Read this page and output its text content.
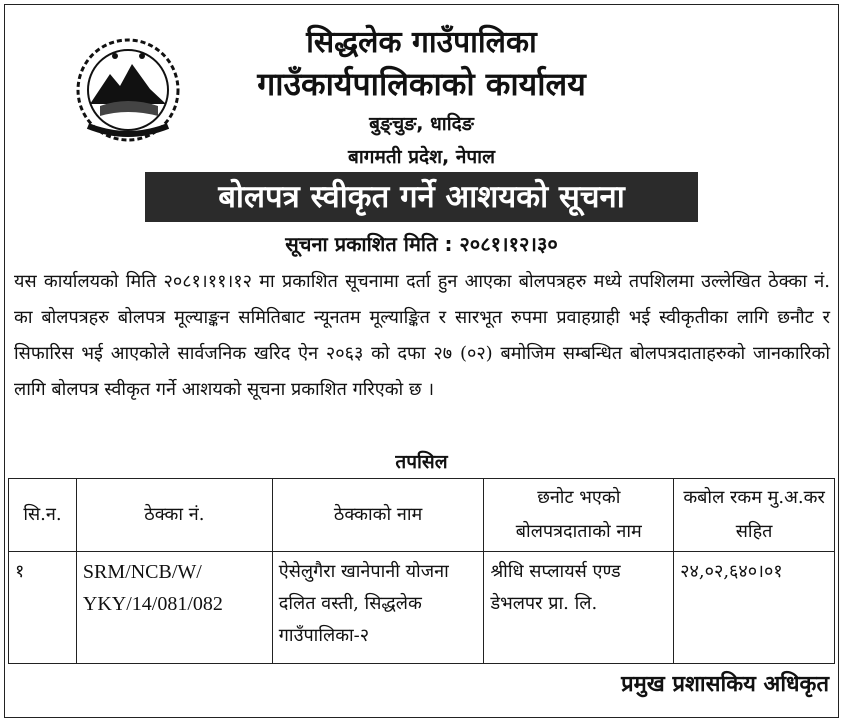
सिद्धलेक गाउँपालिका
गाउँकार्यपालिकाको कार्यालय
बुङ्चुङ, धादिङ
बागमती प्रदेश, नेपाल
बोलपत्र स्वीकृत गर्ने आशयको सूचना
सूचना प्रकाशित मिति : २०८१।१२।३०
यस कार्यालयको मिति २०८१।११।१२ मा प्रकाशित सूचनामा दर्ता हुन आएका बोलपत्रहरु मध्ये तपशिलमा उल्लेखित ठेक्का नं. का बोलपत्रहरु बोलपत्र मूल्याङ्कन समितिबाट न्यूनतम मूल्याङ्कित र सारभूत रुपमा प्रवाहग्राही भई स्वीकृतीका लागि छनौट र सिफारिस भई आएकोले सार्वजनिक खरिद ऐन २०६३ को दफा २७ (०२) बमोजिम सम्बन्धित बोलपत्रदाताहरुको जानकारिको लागि बोलपत्र स्वीकृत गर्ने आशयको सूचना प्रकाशित गरिएको छ ।
तपसिल
सि.न.	ठेक्का नं.	ठेक्काको नाम	छनोट भएको बोलपत्रदाताको नाम	कबोल रकम मु.अ.कर सहित
१	SRM/NCB/W/ YKY/14/081/082	ऐसेलुगैरा खानेपानी योजना दलित वस्ती, सिद्धलेक गाउँपालिका-२	श्रीधि सप्लायर्स एण्ड डेभलपर प्रा. लि.	२४,०२,६४०।०१
प्रमुख प्रशासकिय अधिकृत
